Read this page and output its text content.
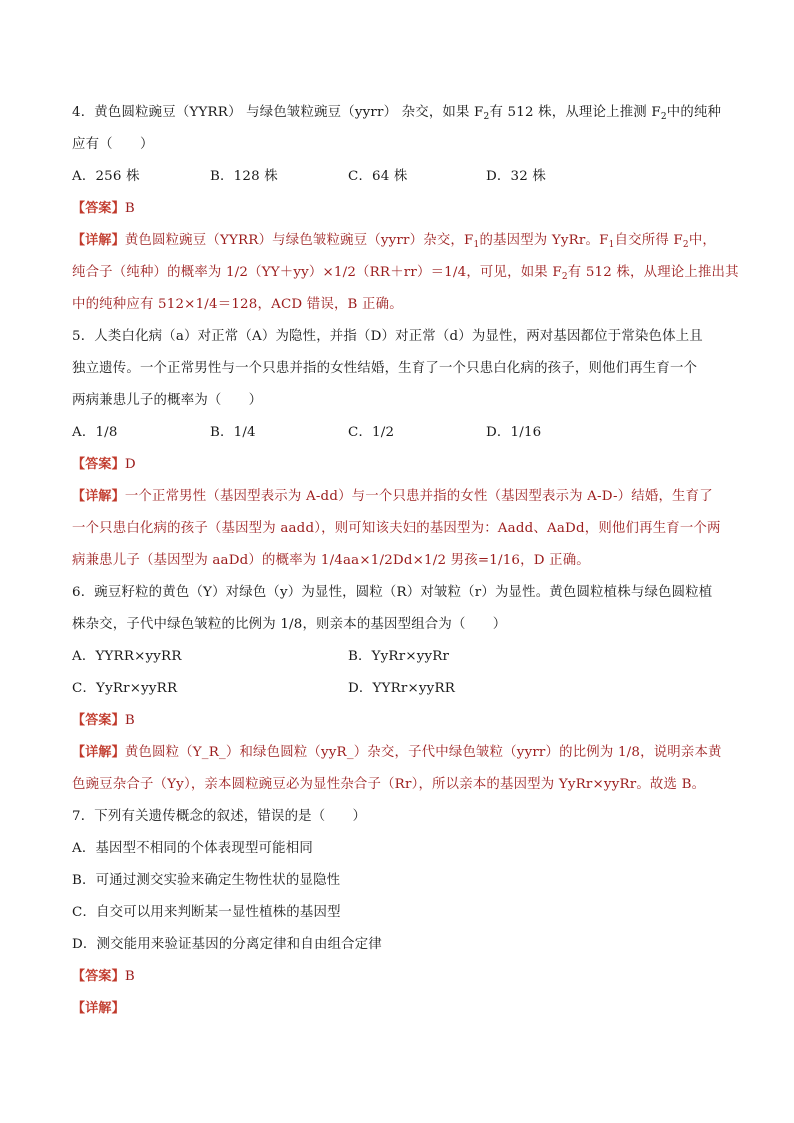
4．黄色圆粒豌豆（YYRR） 与绿色皱粒豌豆（yyrr） 杂交，如果 $F_2$有 512 株，从理论上推测 $F_2$中的纯种
应有（　　）
A．256 株	B．128 株	C．64 株	D．32 株
【答案】B
【详解】黄色圆粒豌豆（YYRR）与绿色皱粒豌豆（yyrr）杂交，$F_1$的基因型为 YyRr。$F_1$自交所得 $F_2$中，
纯合子（纯种）的概率为 1/2（YY＋yy）×1/2（RR＋rr）＝1/4，可见，如果 $F_2$有 512 株，从理论上推出其
中的纯种应有 512×1/4＝128，ACD 错误，B 正确。
5．人类白化病（a）对正常（A）为隐性，并指（D）对正常（d）为显性，两对基因都位于常染色体上且
独立遗传。一个正常男性与一个只患并指的女性结婚，生育了一个只患白化病的孩子，则他们再生育一个
两病兼患儿子的概率为（　　）
A．1/8	B．1/4	C．1/2	D．1/16
【答案】D
【详解】一个正常男性（基因型表示为 A-dd）与一个只患并指的女性（基因型表示为 A-D-）结婚，生育了
一个只患白化病的孩子（基因型为 aadd），则可知该夫妇的基因型为：Aadd、AaDd，则他们再生育一个两
病兼患儿子（基因型为 aaDd）的概率为 1/4aa×1/2Dd×1/2 男孩=1/16，D 正确。
6．豌豆籽粒的黄色（Y）对绿色（y）为显性，圆粒（R）对皱粒（r）为显性。黄色圆粒植株与绿色圆粒植
株杂交，子代中绿色皱粒的比例为 1/8，则亲本的基因型组合为（　　）
A．YYRR×yyRR	B．YyRr×yyRr
C．YyRr×yyRR	D．YYRr×yyRR
【答案】B
【详解】黄色圆粒（Y_R_）和绿色圆粒（yyR_）杂交，子代中绿色皱粒（yyrr）的比例为 1/8，说明亲本黄
色豌豆杂合子（Yy），亲本圆粒豌豆必为显性杂合子（Rr），所以亲本的基因型为 YyRr×yyRr。故选 B。
7．下列有关遗传概念的叙述，错误的是（　　）
A．基因型不相同的个体表现型可能相同
B．可通过测交实验来确定生物性状的显隐性
C．自交可以用来判断某一显性植株的基因型
D．测交能用来验证基因的分离定律和自由组合定律
【答案】B
【详解】
